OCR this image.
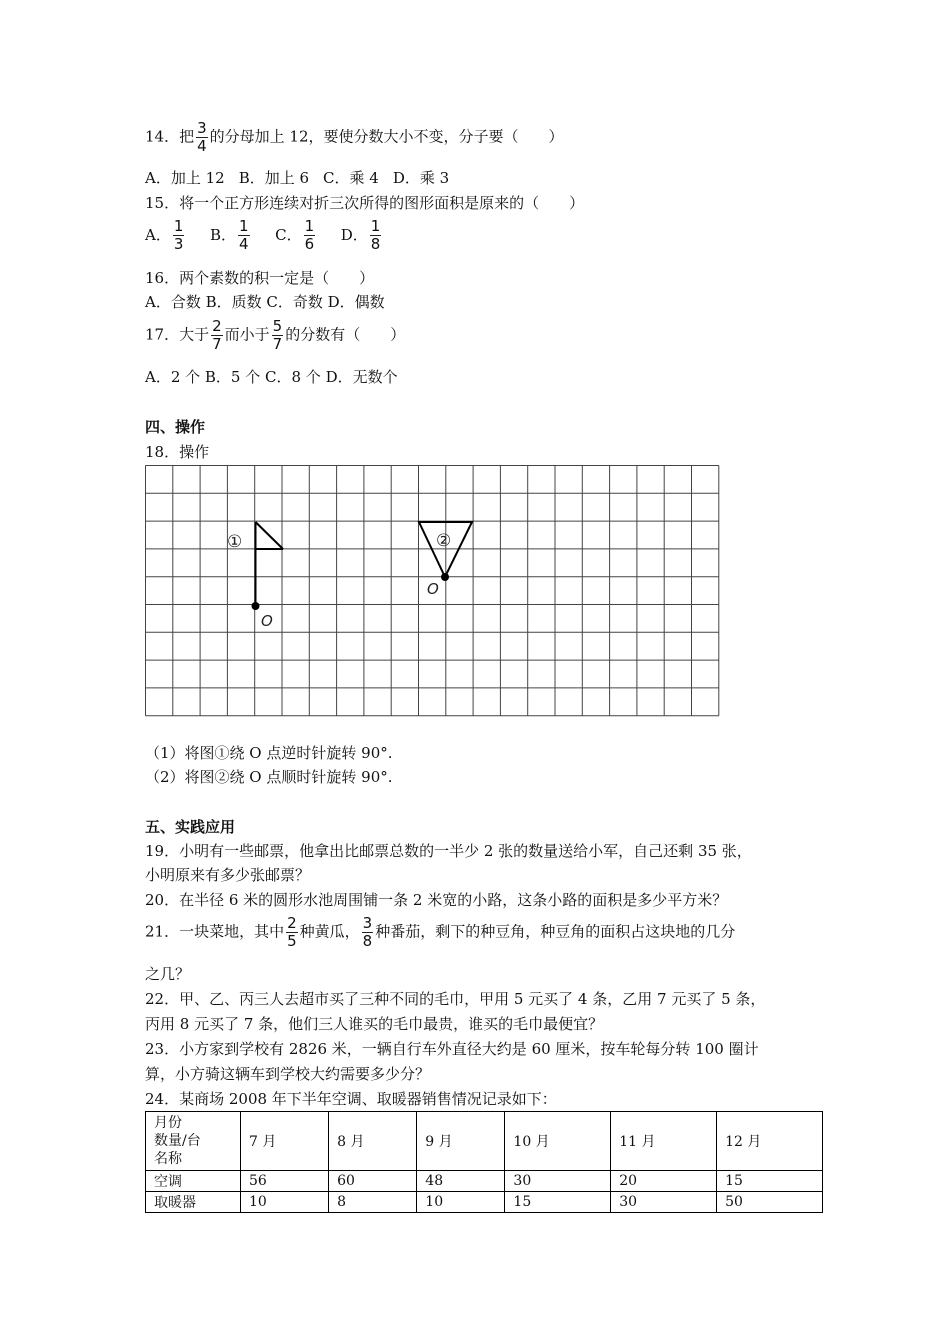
14．把 $\frac{3}{4}$ 的分母加上 12，要使分数大小不变，分子要（　　）
A．加上 12 B．加上 6 C．乘 4 D．乘 3
15．将一个正方形连续对折三次所得的图形面积是原来的（　　）
A． $\frac{1}{3}$ B． $\frac{1}{4}$ C． $\frac{1}{6}$ D． $\frac{1}{8}$
16．两个素数的积一定是（　　）
A．合数 B．质数 C．奇数 D．偶数
17．大于 $\frac{2}{7}$ 而小于 $\frac{5}{7}$ 的分数有（　　）
A．2 个 B．5 个 C．8 个 D．无数个
四、操作
18．操作
①	②
O
O
（1）将图①绕 O 点逆时针旋转 90°.
（2）将图②绕 O 点顺时针旋转 90°.
五、实践应用
19．小明有一些邮票，他拿出比邮票总数的一半少 2 张的数量送给小军，自己还剩 35 张，
小明原来有多少张邮票？
20．在半径 6 米的圆形水池周围铺一条 2 米宽的小路，这条小路的面积是多少平方米？
21．一块菜地，其中 $\frac{2}{5}$ 种黄瓜， $\frac{3}{8}$ 种番茄，剩下的种豆角，种豆角的面积占这块地的几分
之几？
22．甲、乙、丙三人去超市买了三种不同的毛巾，甲用 5 元买了 4 条，乙用 7 元买了 5 条，
丙用 8 元买了 7 条，他们三人谁买的毛巾最贵，谁买的毛巾最便宜？
23．小方家到学校有 2826 米，一辆自行车外直径大约是 60 厘米，按车轮每分转 100 圈计
算，小方骑这辆车到学校大约需要多少分？
24．某商场 2008 年下半年空调、取暖器销售情况记录如下：
月份
数量/台
名称	7 月	8 月	9 月	10 月	11 月	12 月
空调	56	60	48	30	20	15
取暖器	10	8	10	15	30	50
